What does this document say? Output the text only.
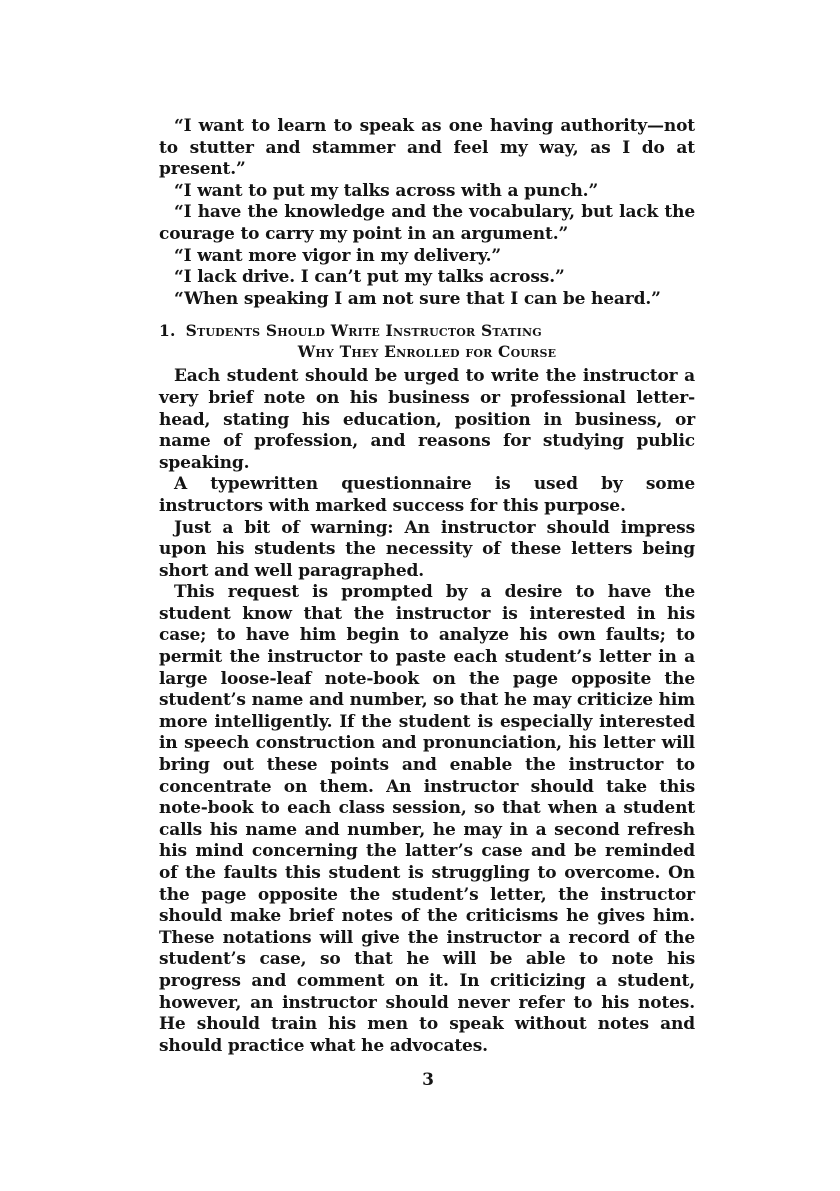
“I want to learn to speak as one having authority—not to stutter and stammer and feel my way, as I do at present.”

“I want to put my talks across with a punch.”

“I have the knowledge and the vocabulary, but lack the courage to carry my point in an argument.”

“I want more vigor in my delivery.”

“I lack drive. I can’t put my talks across.”

“When speaking I am not sure that I can be heard.”

1. Students Should Write Instructor Stating
Why They Enrolled for Course

Each student should be urged to write the instructor a very brief note on his business or professional letter-head, stating his education, position in business, or name of profession, and reasons for studying public speaking.

A typewritten questionnaire is used by some instructors with marked success for this purpose.

Just a bit of warning: An instructor should impress upon his students the necessity of these letters being short and well paragraphed.

This request is prompted by a desire to have the student know that the instructor is interested in his case; to have him begin to analyze his own faults; to permit the instructor to paste each student’s letter in a large loose-leaf note-book on the page opposite the student’s name and number, so that he may criticize him more intelligently. If the student is especially interested in speech construction and pronunciation, his letter will bring out these points and enable the instructor to concentrate on them. An instructor should take this note-book to each class session, so that when a student calls his name and number, he may in a second refresh his mind concerning the latter’s case and be reminded of the faults this student is struggling to overcome. On the page opposite the student’s letter, the instructor should make brief notes of the criticisms he gives him. These notations will give the instructor a record of the student’s case, so that he will be able to note his progress and comment on it. In criticizing a student, however, an instructor should never refer to his notes. He should train his men to speak without notes and should practice what he advocates.

3
